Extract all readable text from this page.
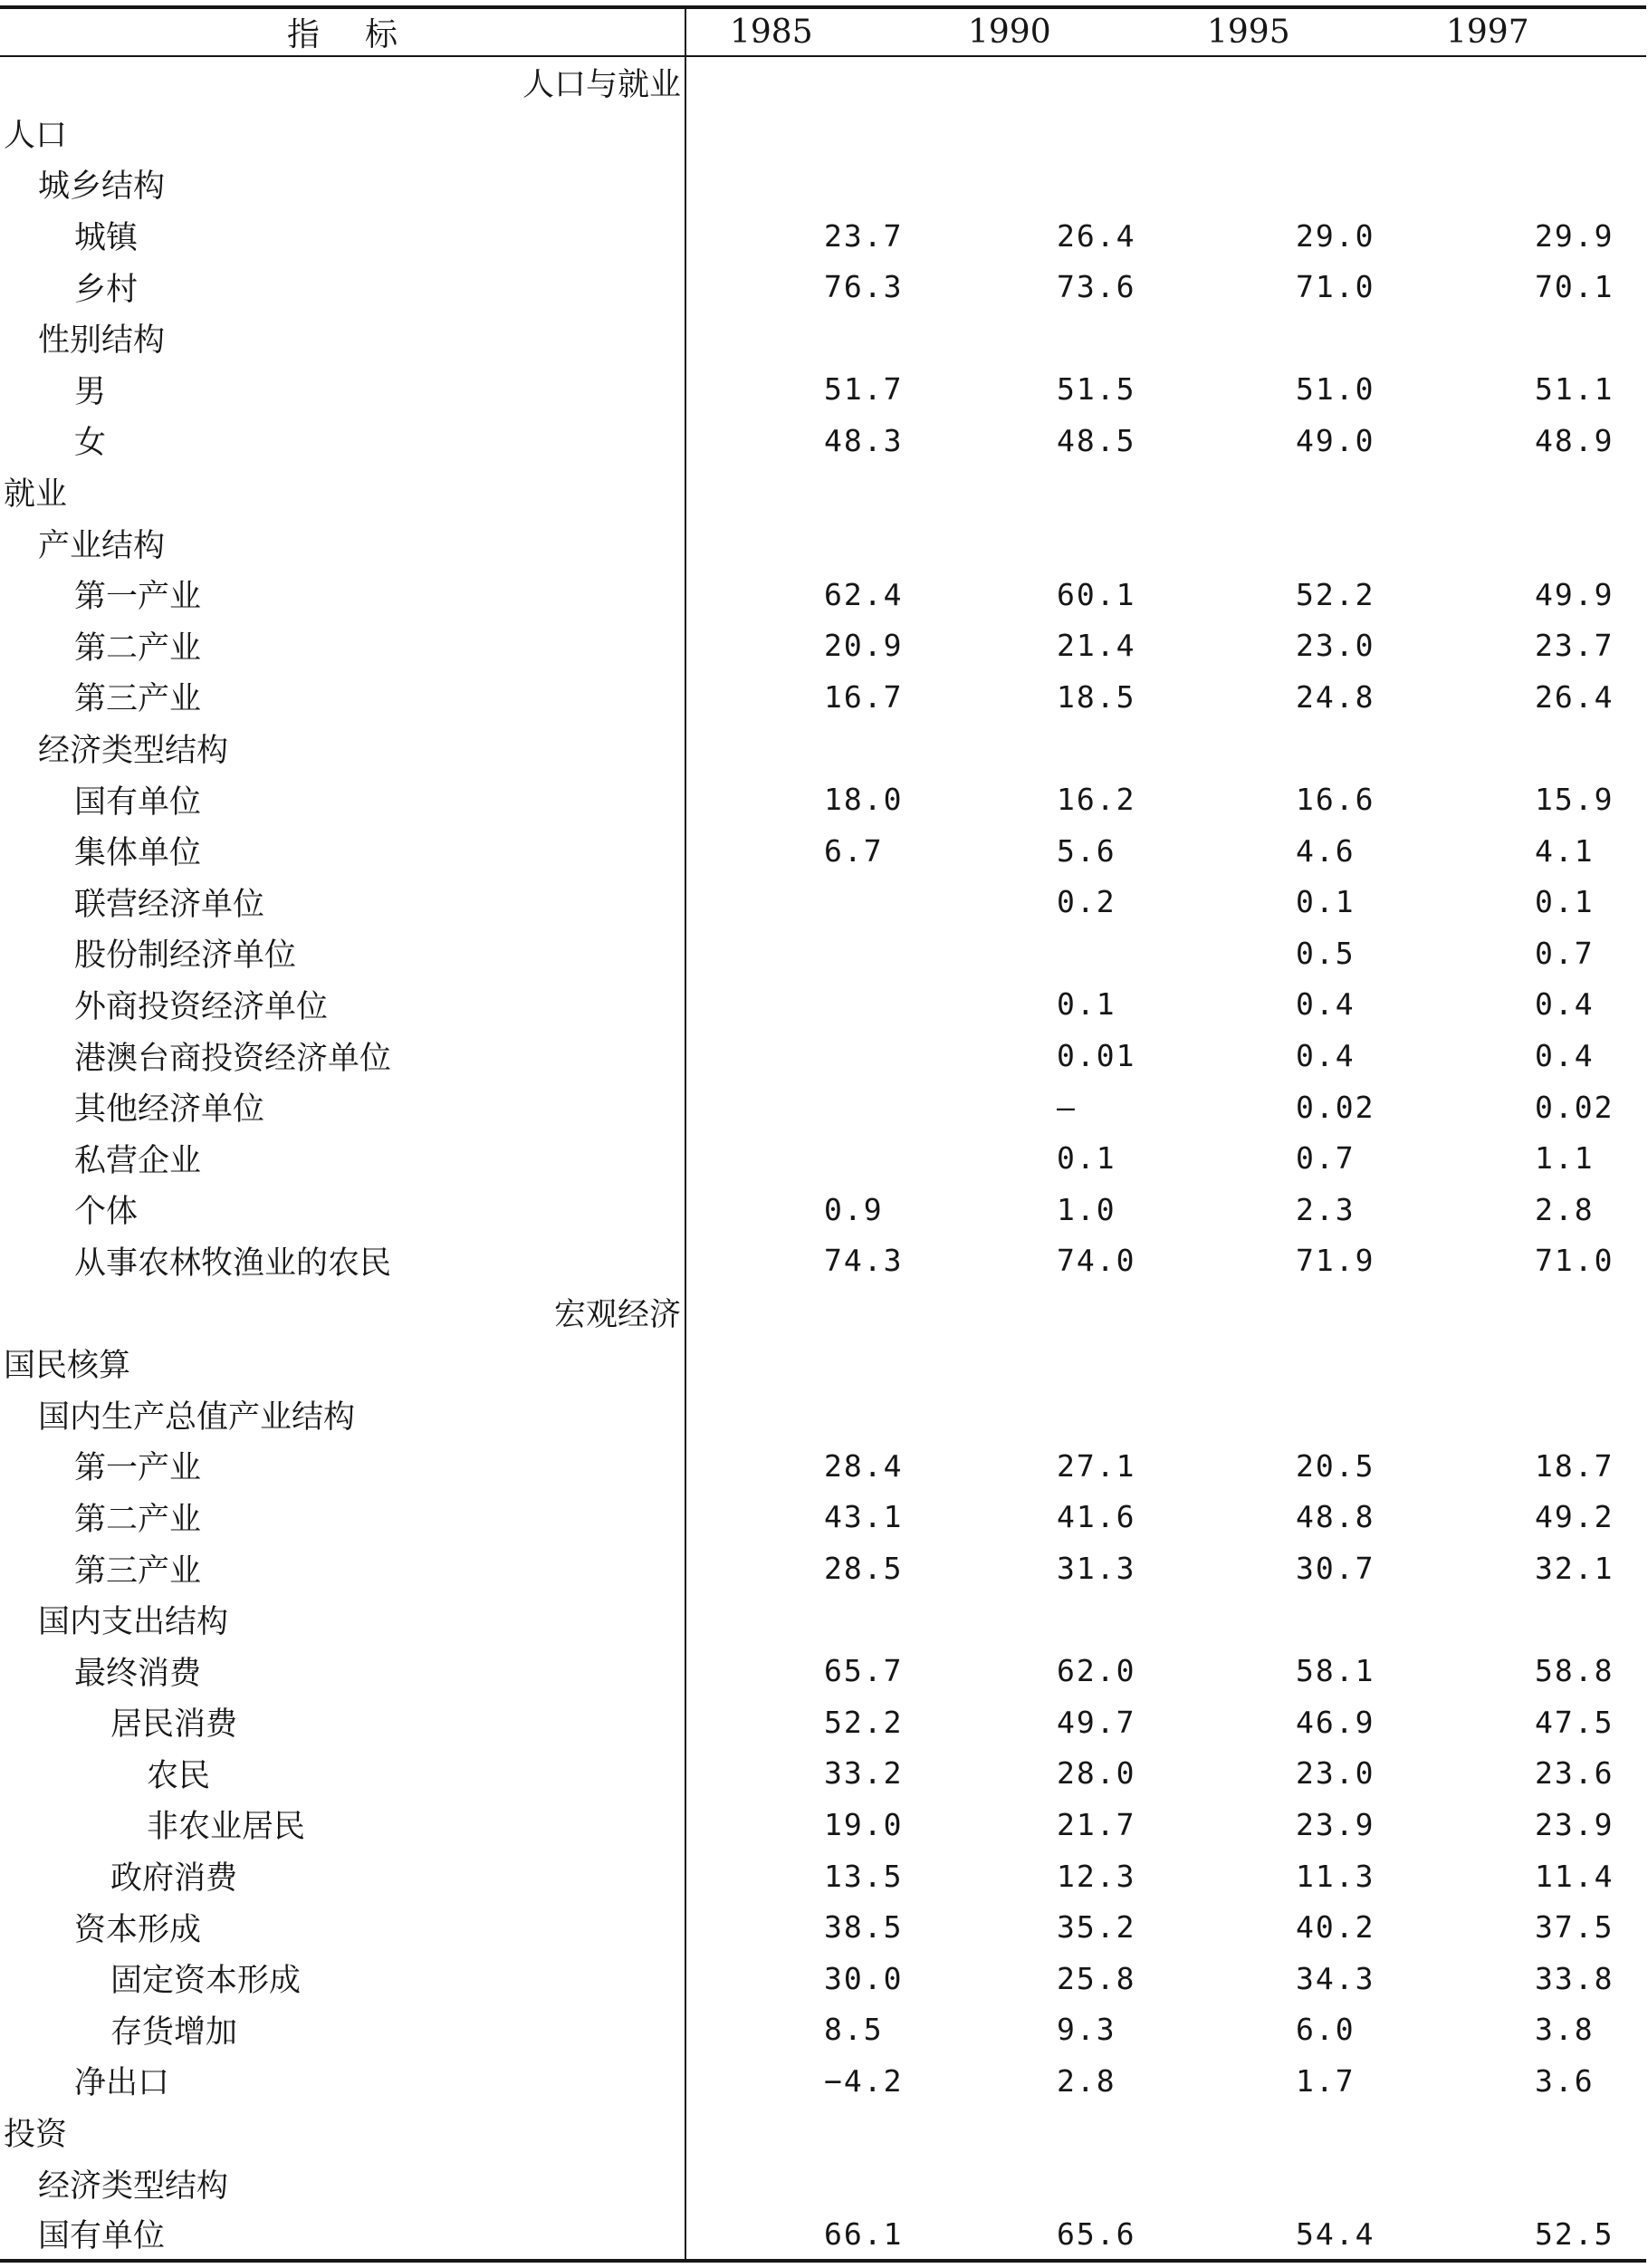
指标	1985	1990	1995	1997
人口与就业				
人口				
城乡结构				
城镇	23.7	26.4	29.0	29.9
乡村	76.3	73.6	71.0	70.1
性别结构				
男	51.7	51.5	51.0	51.1
女	48.3	48.5	49.0	48.9
就业				
产业结构				
第一产业	62.4	60.1	52.2	49.9
第二产业	20.9	21.4	23.0	23.7
第三产业	16.7	18.5	24.8	26.4
经济类型结构				
国有单位	18.0	16.2	16.6	15.9
集体单位	6.7	5.6	4.6	4.1
联营经济单位		0.2	0.1	0.1
股份制经济单位			0.5	0.7
外商投资经济单位		0.1	0.4	0.4
港澳台商投资经济单位		0.01	0.4	0.4
其他经济单位		—	0.02	0.02
私营企业		0.1	0.7	1.1
个体	0.9	1.0	2.3	2.8
从事农林牧渔业的农民	74.3	74.0	71.9	71.0
宏观经济				
国民核算				
国内生产总值产业结构				
第一产业	28.4	27.1	20.5	18.7
第二产业	43.1	41.6	48.8	49.2
第三产业	28.5	31.3	30.7	32.1
国内支出结构				
最终消费	65.7	62.0	58.1	58.8
居民消费	52.2	49.7	46.9	47.5
农民	33.2	28.0	23.0	23.6
非农业居民	19.0	21.7	23.9	23.9
政府消费	13.5	12.3	11.3	11.4
资本形成	38.5	35.2	40.2	37.5
固定资本形成	30.0	25.8	34.3	33.8
存货增加	8.5	9.3	6.0	3.8
净出口	−4.2	2.8	1.7	3.6
投资				
经济类型结构				
国有单位	66.1	65.6	54.4	52.5
